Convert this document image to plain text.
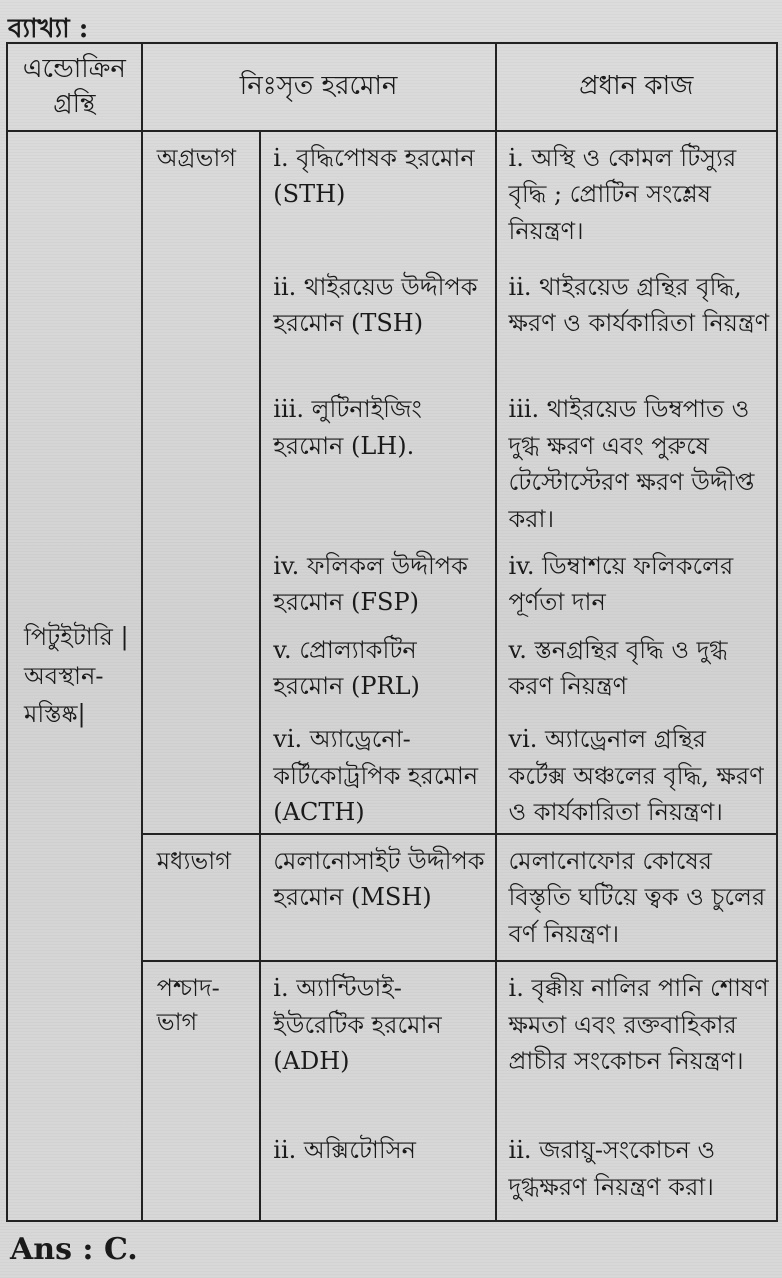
ব্যাখ্যা :
এন্ডোক্রিন গ্রন্থি	নিঃসৃত হরমোন		প্রধান কাজ
পিটুইটারি |অবস্থান- মস্তিষ্ক|	অগ্রভাগ	i. বৃদ্ধিপোষক হরমোন (STH)	i. অস্থি ও কোমল টিস্যুর বৃদ্ধি ; প্রোটিন সংশ্লেষ নিয়ন্ত্রণ।

		ii. থাইরয়েড উদ্দীপক হরমোন (TSH)	ii. থাইরয়েড গ্রন্থির বৃদ্ধি, ক্ষরণ ও কার্যকারিতা নিয়ন্ত্রণ

		iii. লুটিনাইজিং হরমোন (LH).	iii. থাইরয়েড ডিম্বপাত ও দুগ্ধ ক্ষরণ এবং পুরুষে টেস্টোস্টেরণ ক্ষরণ উদ্দীপ্ত করা।

		iv. ফলিকল উদ্দীপক হরমোন (FSP)	iv. ডিম্বাশয়ে ফলিকলের পূর্ণতা দান

		v. প্রোল্যাকটিন হরমোন (PRL)	v. স্তনগ্রন্থির বৃদ্ধি ও দুগ্ধ করণ নিয়ন্ত্রণ

		vi. অ্যাড্রেনো- কর্টিকোট্রপিক হরমোন (ACTH)	vi. অ্যাড্রেনাল গ্রন্থির কর্টেক্স অঞ্চলের বৃদ্ধি, ক্ষরণ ও কার্যকারিতা নিয়ন্ত্রণ।

	মধ্যভাগ	মেলানোসাইট উদ্দীপক হরমোন (MSH)	মেলানোফোর কোষের বিস্তৃতি ঘটিয়ে ত্বক ও চুলের বর্ণ নিয়ন্ত্রণ।

	পশ্চাদ- ভাগ	i. অ্যান্টিডাই- ইউরেটিক হরমোন (ADH)	i. বৃক্কীয় নালির পানি শোষণ ক্ষমতা এবং রক্তবাহিকার প্রাচীর সংকোচন নিয়ন্ত্রণ।

		ii. অক্সিটোসিন	ii. জরায়ু-সংকোচন ও দুগ্ধক্ষরণ নিয়ন্ত্রণ করা।
Ans : C.
